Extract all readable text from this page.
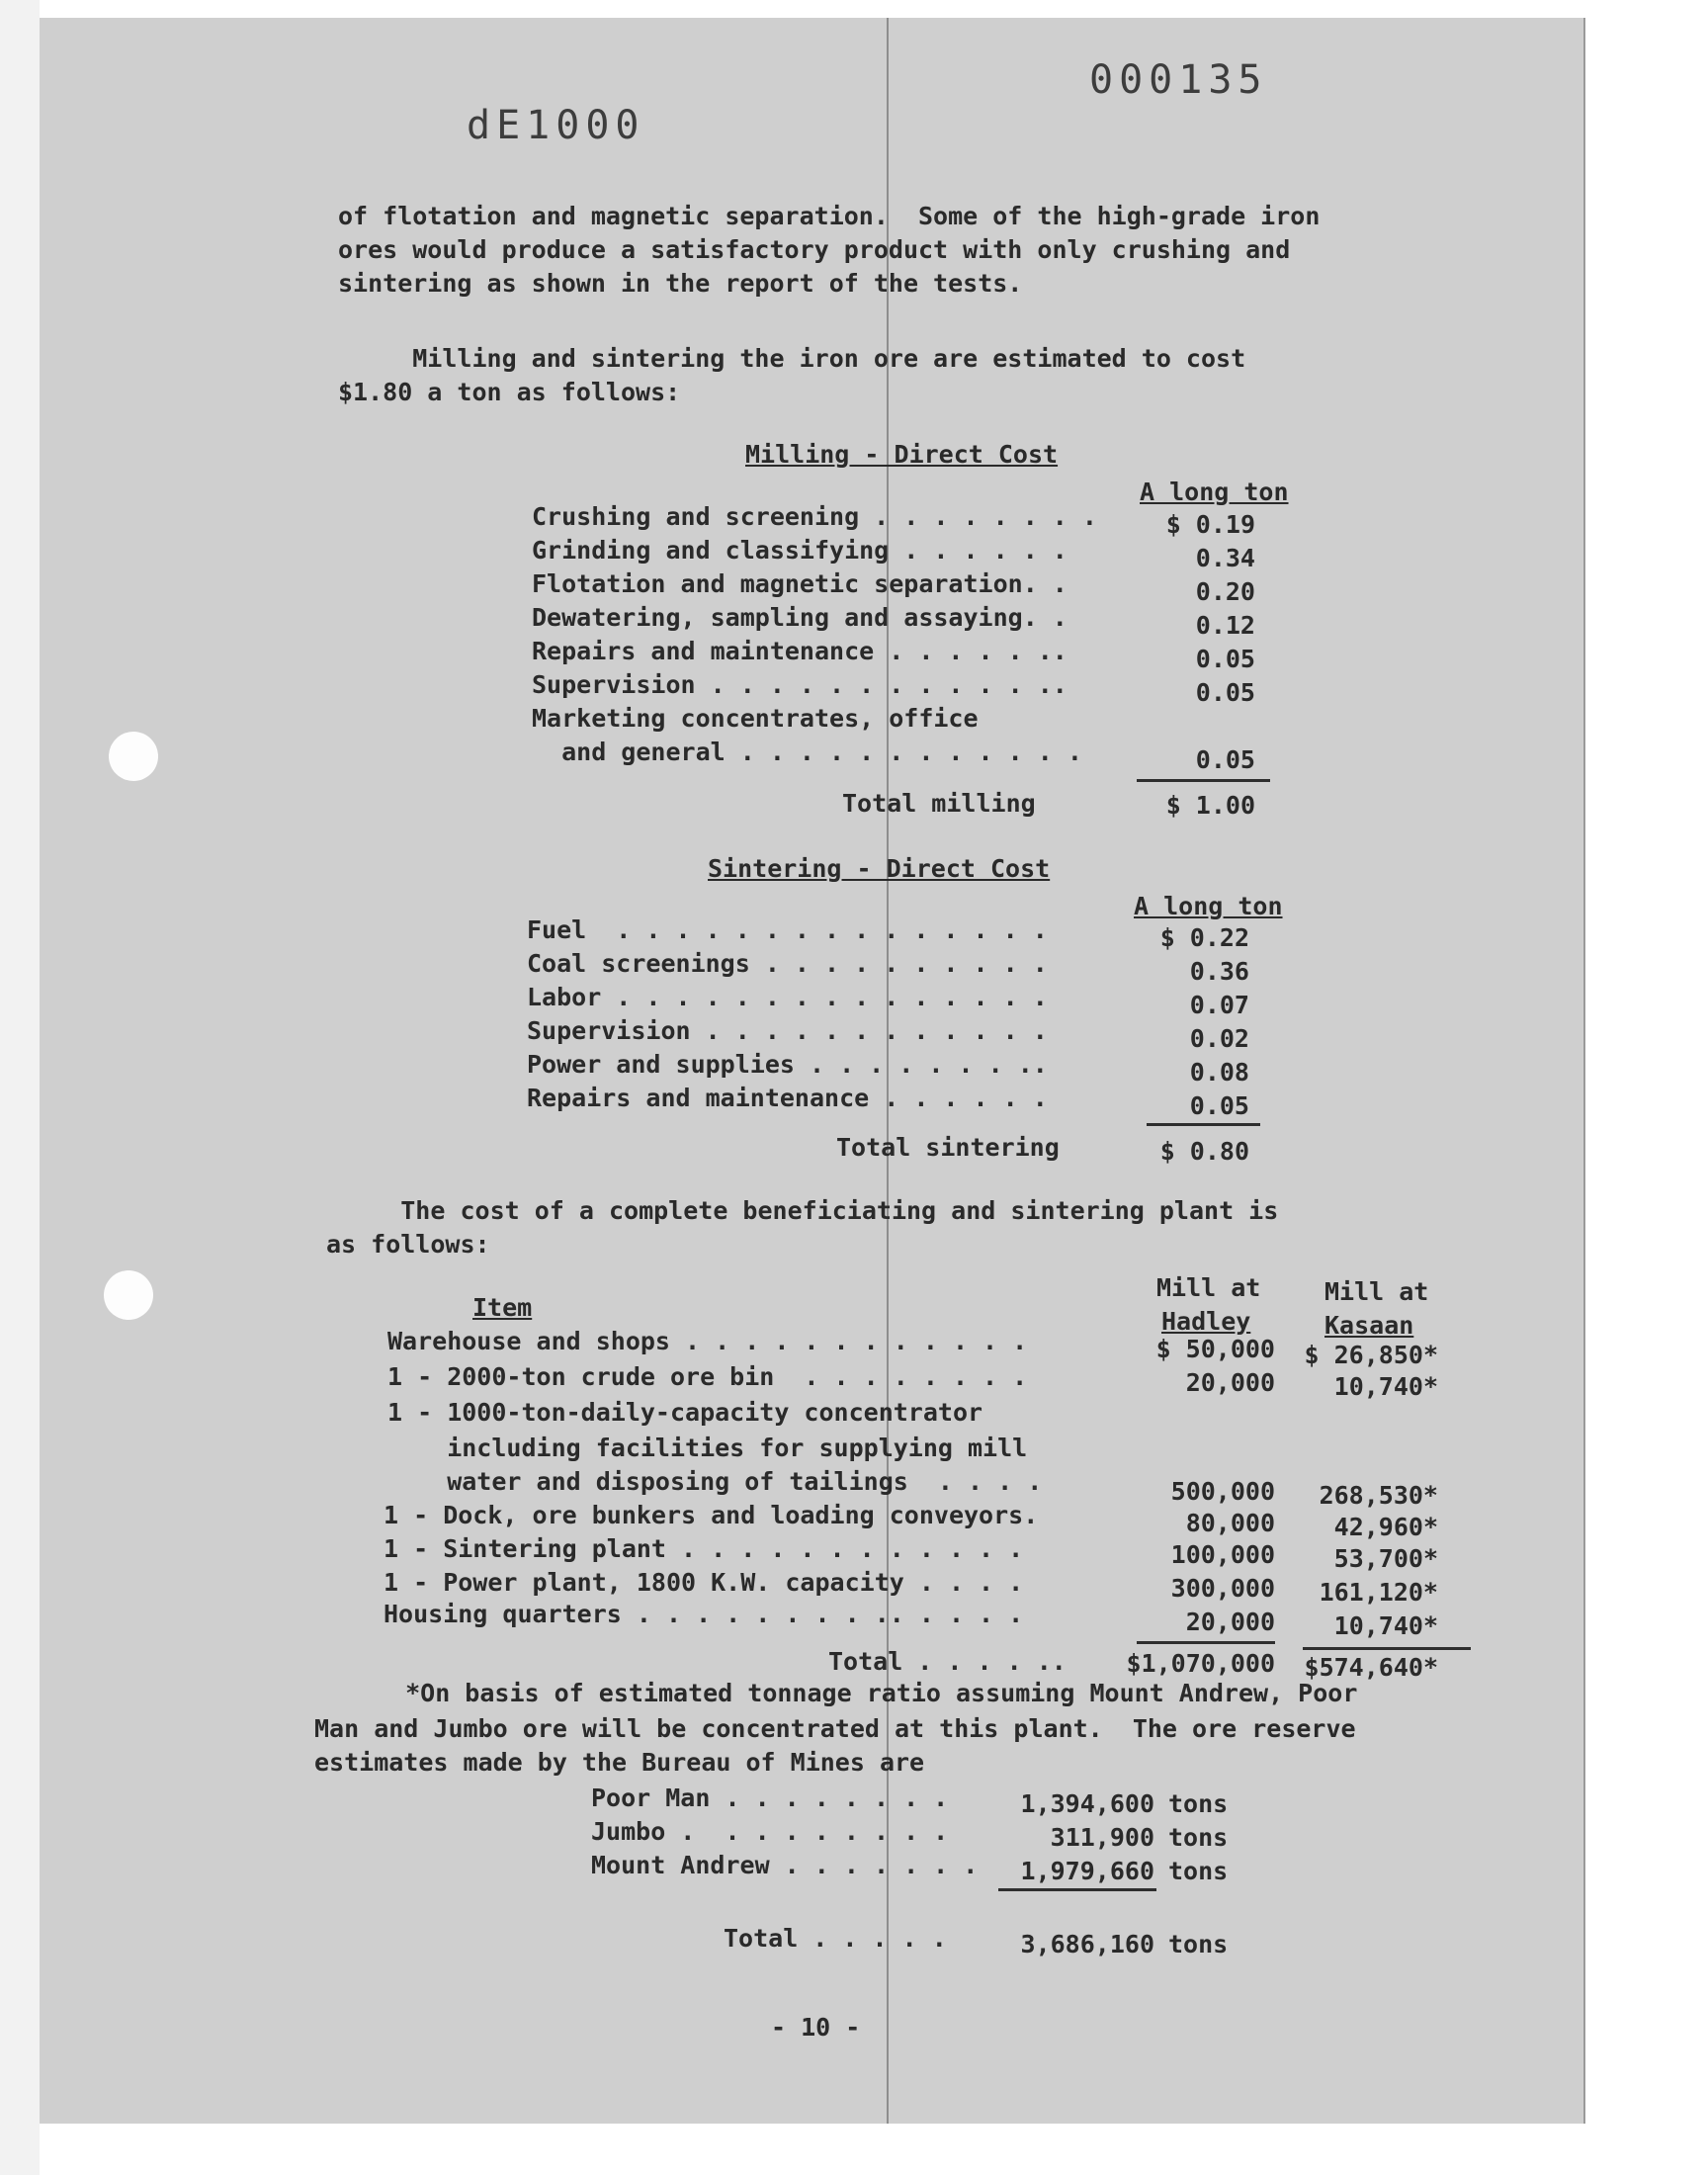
dE1000
000135
of flotation and magnetic separation.  Some of the high-grade iron
ores would produce a satisfactory product with only crushing and
sintering as shown in the report of the tests.
Milling and sintering the iron ore are estimated to cost
$1.80 a ton as follows:
Milling - Direct Cost
A long ton
Crushing and screening . . . . . . . .	$ 0.19
Grinding and classifying . . . . . .	0.34
Flotation and magnetic separation. .	0.20
Dewatering, sampling and assaying. .	0.12
Repairs and maintenance . . . . . ..	0.05
Supervision . . . . . . . . . . . ..	0.05
Marketing concentrates, office
and general . . . . . . . . . . . .	0.05
Total milling	$ 1.00
Sintering - Direct Cost
A long ton
Fuel  . . . . . . . . . . . . . . .	$ 0.22
Coal screenings . . . . . . . . . .	0.36
Labor . . . . . . . . . . . . . . .	0.07
Supervision . . . . . . . . . . . .	0.02
Power and supplies . . . . . . . ..	0.08
Repairs and maintenance . . . . . .	0.05
Total sintering	$ 0.80
The cost of a complete beneficiating and sintering plant is
as follows:
Mill at	Mill at
Item	Hadley	Kasaan
Warehouse and shops . . . . . . . . . . . .	$ 50,000	$ 26,850*
1 - 2000-ton crude ore bin  . . . . . . . .	20,000	10,740*
1 - 1000-ton-daily-capacity concentrator
including facilities for supplying mill
water and disposing of tailings  . . . .	500,000	268,530*
1 - Dock, ore bunkers and loading conveyors.	80,000	42,960*
1 - Sintering plant . . . . . . . . . . . .	100,000	53,700*
1 - Power plant, 1800 K.W. capacity . . . .	300,000	161,120*
Housing quarters . . . . . . . . .. . . . .	20,000	10,740*
Total . . . . ..	$1,070,000	$574,640*
*On basis of estimated tonnage ratio assuming Mount Andrew, Poor
Man and Jumbo ore will be concentrated at this plant.  The ore reserve
estimates made by the Bureau of Mines are
Poor Man . . . . . . . .	1,394,600 tons
Jumbo .  . . . . . . . .	311,900 tons
Mount Andrew . . . . . . .	1,979,660 tons
Total . . . . .	3,686,160 tons
- 10 -
